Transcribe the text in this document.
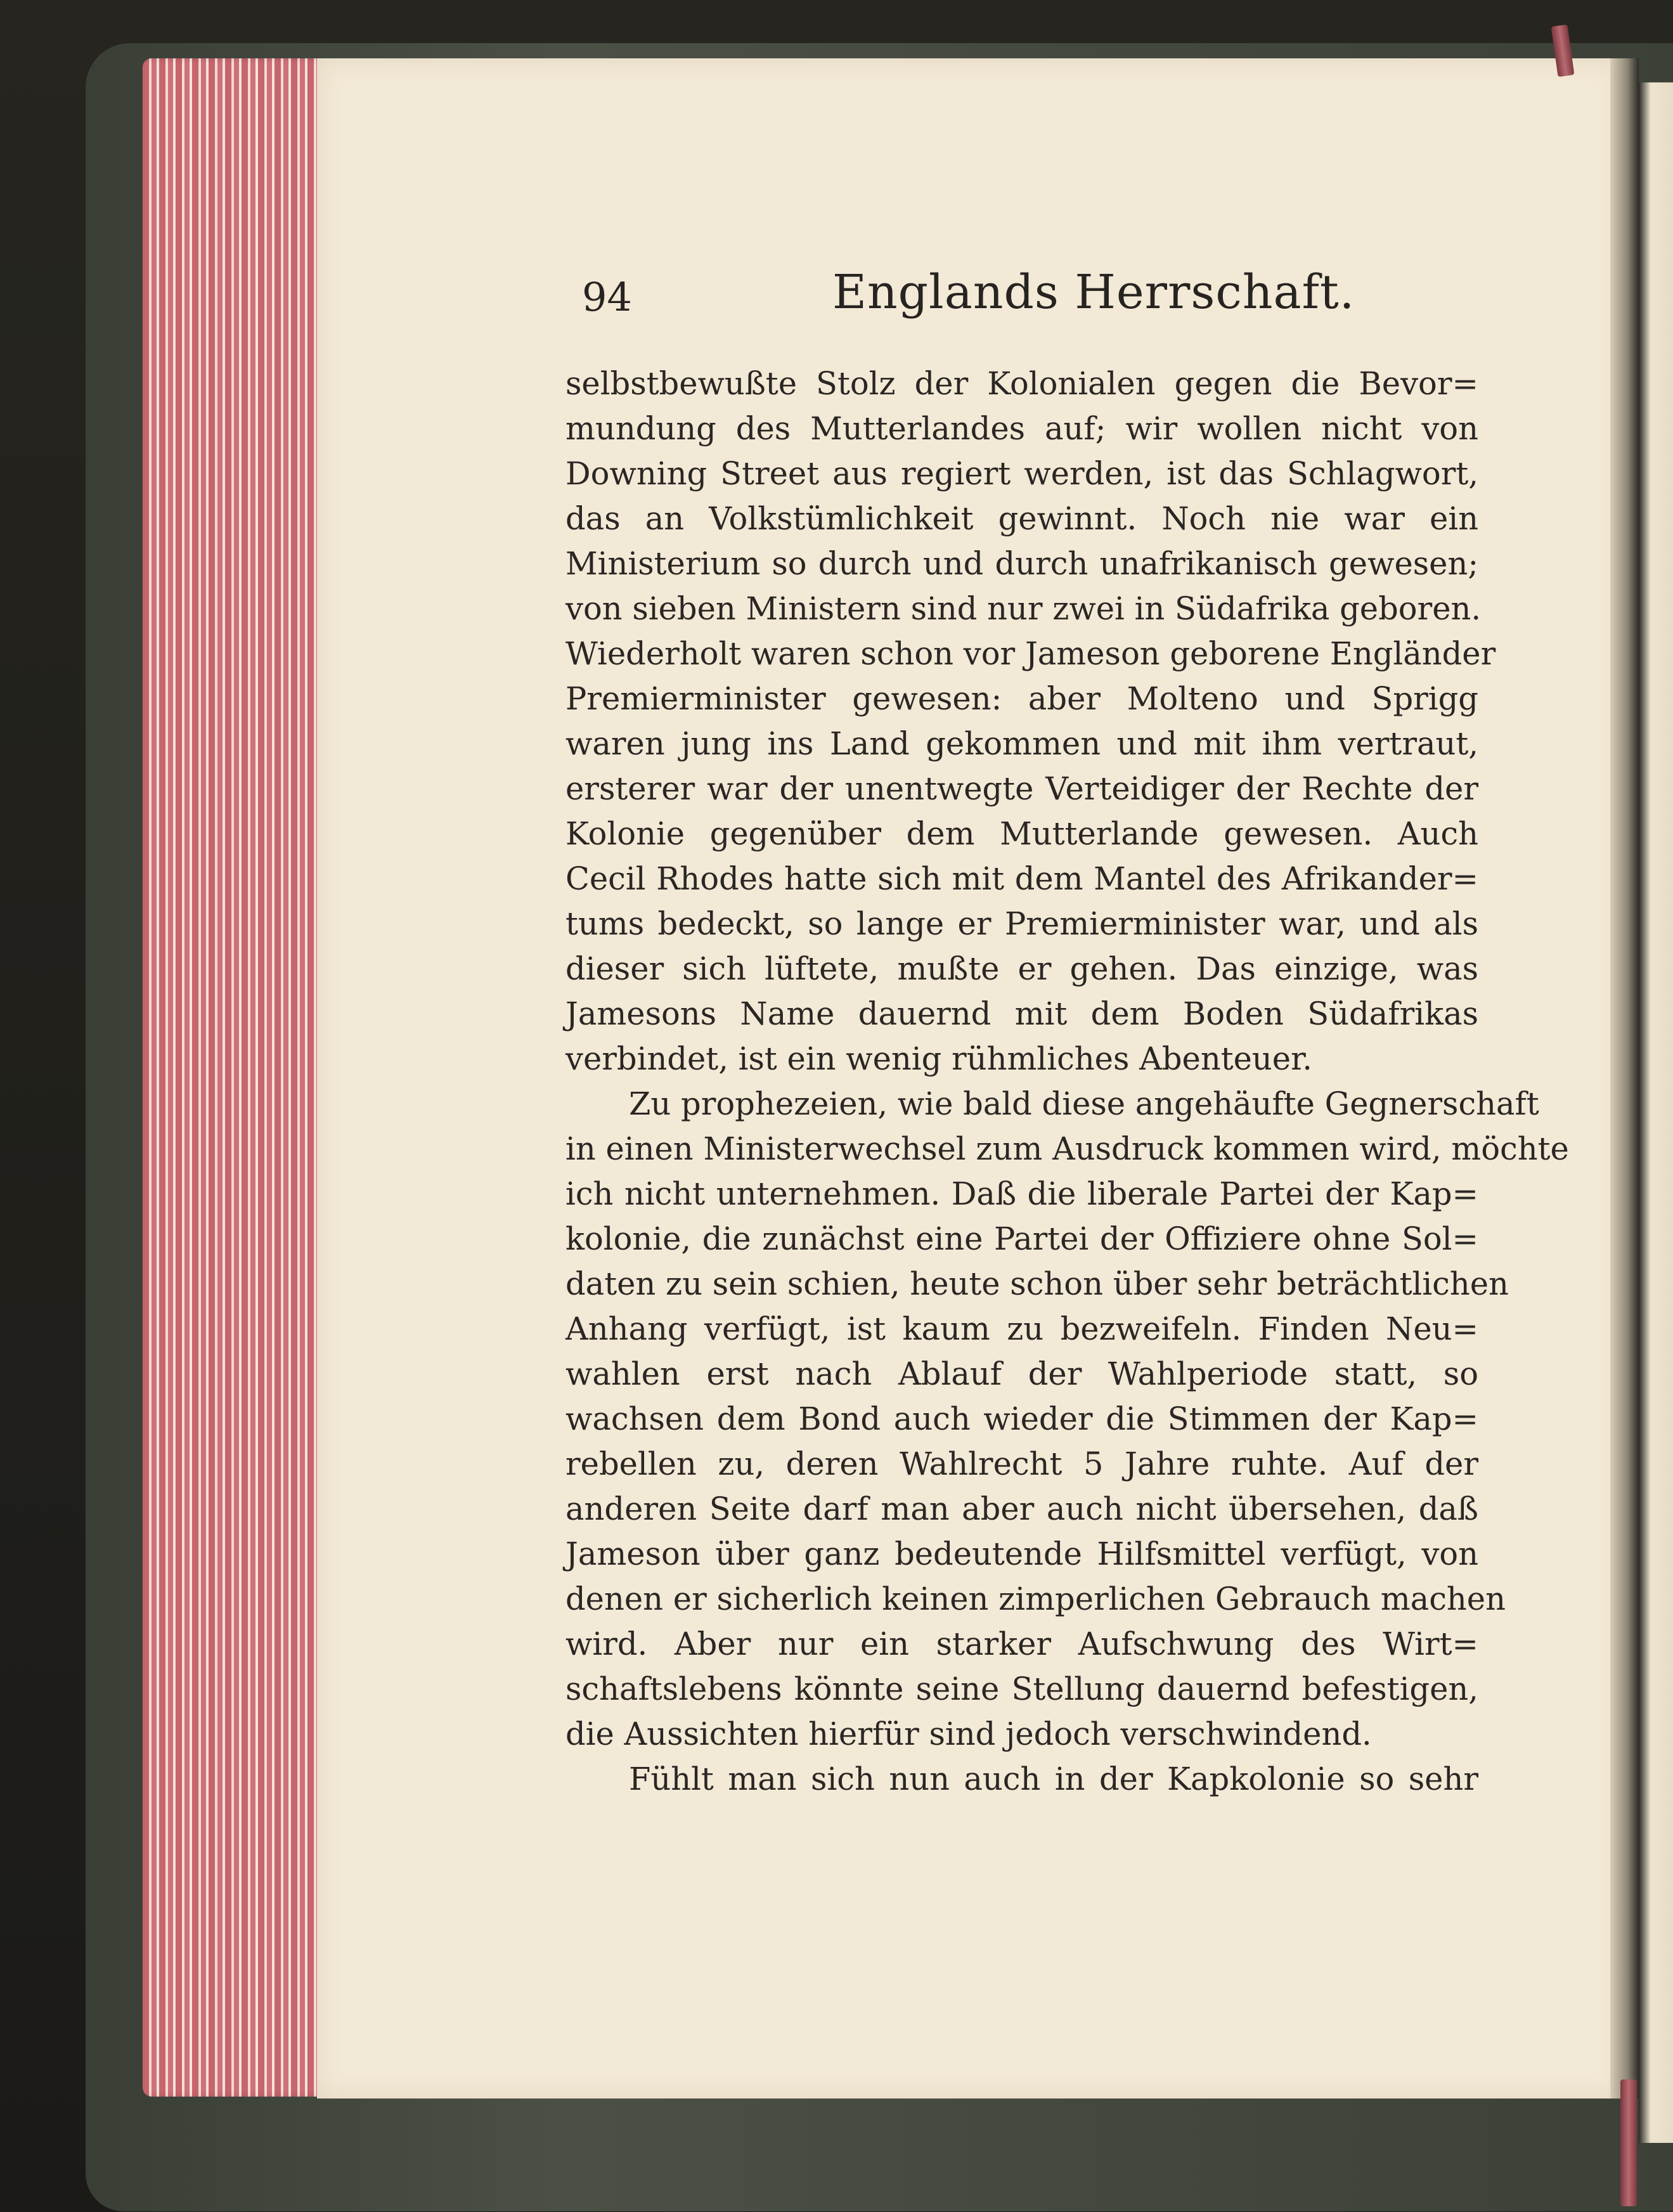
94	Englands Herrschaft.
selbstbewußte Stolz der Kolonialen gegen die Bevor=
mundung des Mutterlandes auf; wir wollen nicht von
Downing Street aus regiert werden, ist das Schlagwort,
das an Volkstümlichkeit gewinnt. Noch nie war ein
Ministerium so durch und durch unafrikanisch gewesen;
von sieben Ministern sind nur zwei in Südafrika geboren.
Wiederholt waren schon vor Jameson geborene Engländer
Premierminister gewesen: aber Molteno und Sprigg
waren jung ins Land gekommen und mit ihm vertraut,
ersterer war der unentwegte Verteidiger der Rechte der
Kolonie gegenüber dem Mutterlande gewesen. Auch
Cecil Rhodes hatte sich mit dem Mantel des Afrikander=
tums bedeckt, so lange er Premierminister war, und als
dieser sich lüftete, mußte er gehen. Das einzige, was
Jamesons Name dauernd mit dem Boden Südafrikas
verbindet, ist ein wenig rühmliches Abenteuer.
Zu prophezeien, wie bald diese angehäufte Gegnerschaft
in einen Ministerwechsel zum Ausdruck kommen wird, möchte
ich nicht unternehmen. Daß die liberale Partei der Kap=
kolonie, die zunächst eine Partei der Offiziere ohne Sol=
daten zu sein schien, heute schon über sehr beträchtlichen
Anhang verfügt, ist kaum zu bezweifeln. Finden Neu=
wahlen erst nach Ablauf der Wahlperiode statt, so
wachsen dem Bond auch wieder die Stimmen der Kap=
rebellen zu, deren Wahlrecht 5 Jahre ruhte. Auf der
anderen Seite darf man aber auch nicht übersehen, daß
Jameson über ganz bedeutende Hilfsmittel verfügt, von
denen er sicherlich keinen zimperlichen Gebrauch machen
wird. Aber nur ein starker Aufschwung des Wirt=
schaftslebens könnte seine Stellung dauernd befestigen,
die Aussichten hierfür sind jedoch verschwindend.
Fühlt man sich nun auch in der Kapkolonie so sehr
